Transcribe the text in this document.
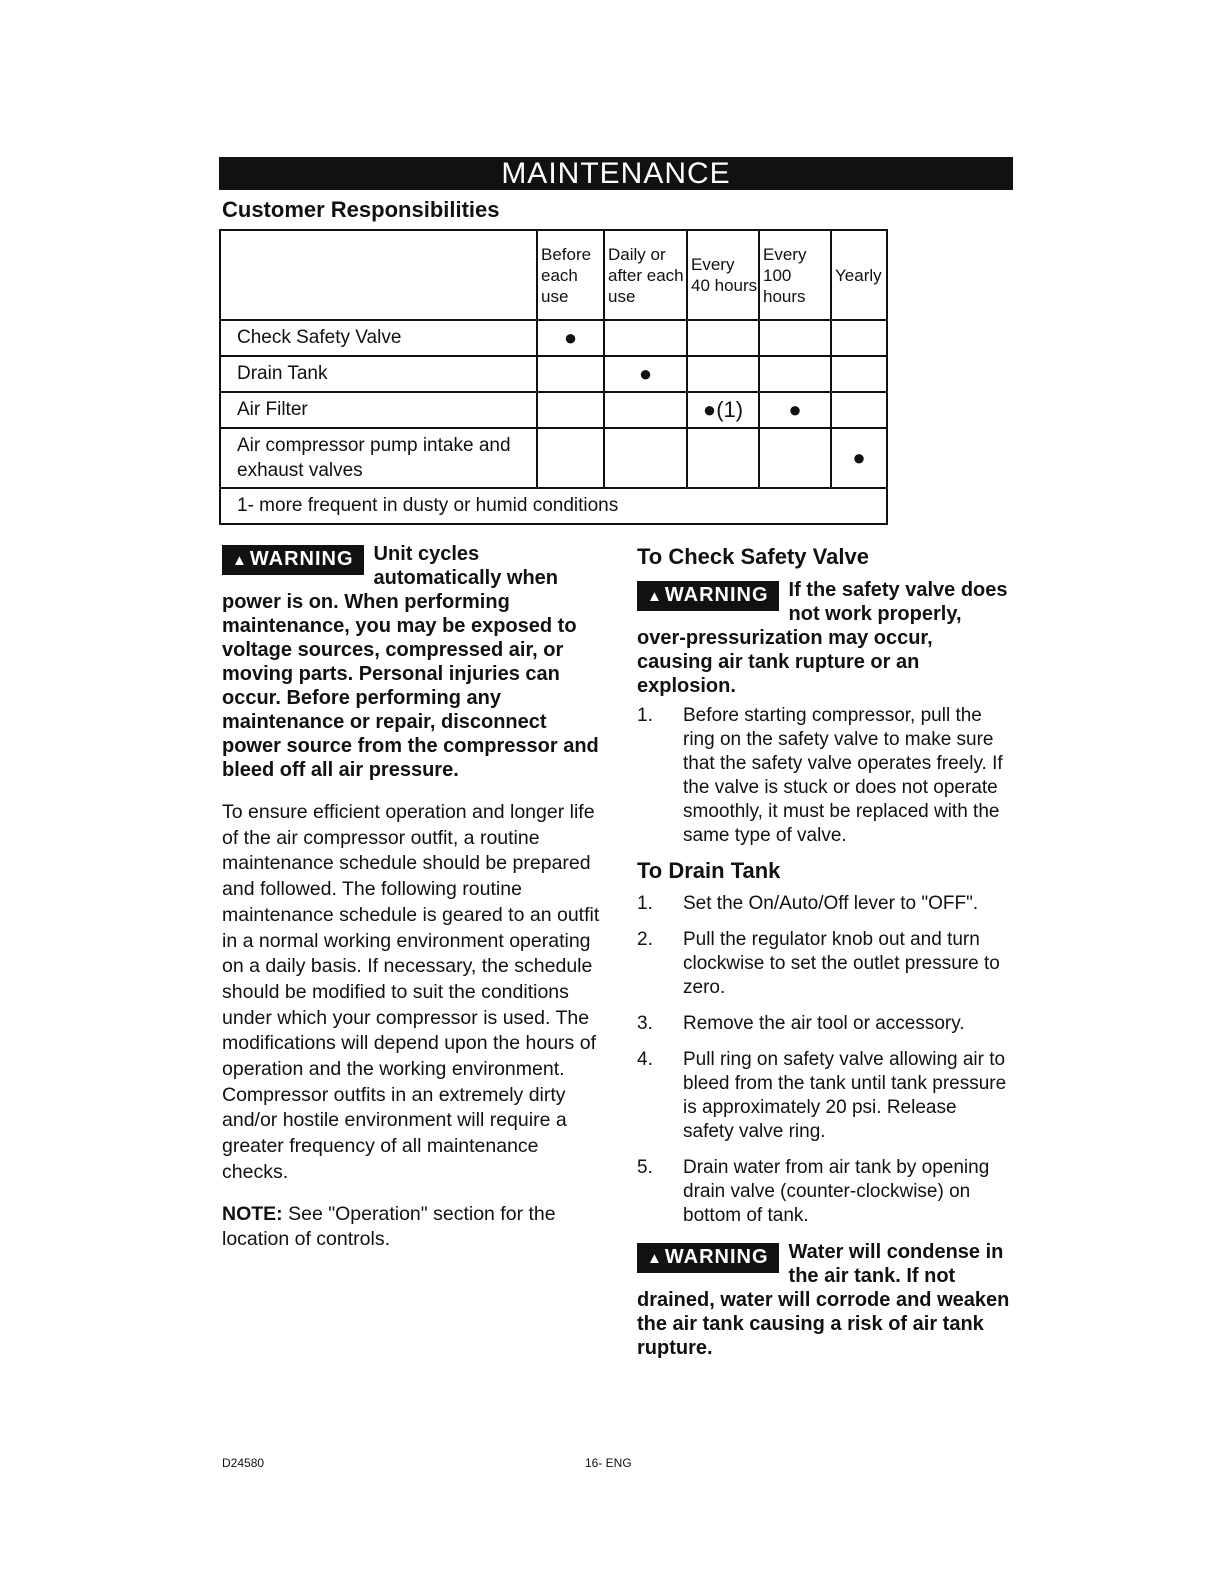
MAINTENANCE
Customer Responsibilities
	Before each use	Daily or after each use	Every 40 hours	Every 100 hours	Yearly
Check Safety Valve	●				
Drain Tank		●			
Air Filter			●(1)	●	
Air compressor pump intake and exhaust valves					●
1- more frequent in dusty or humid conditions					
▲ WARNING	Unit cycles automatically when power is on. When performing maintenance, you may be exposed to voltage sources, compressed air, or moving parts. Personal injuries can occur. Before performing any maintenance or repair, disconnect power source from the compressor and bleed off all air pressure.
To ensure efficient operation and longer life of the air compressor outfit, a routine maintenance schedule should be prepared and followed. The following routine maintenance schedule is geared to an outfit in a normal working environment operating on a daily basis. If necessary, the schedule should be modified to suit the conditions under which your compressor is used. The modifications will depend upon the hours of operation and the working environment. Compressor outfits in an extremely dirty and/or hostile environment will require a greater frequency of all maintenance checks.
NOTE: See "Operation" section for the location of controls.
To Check Safety Valve
▲ WARNING	If the safety valve does not work properly, over-pressurization may occur, causing air tank rupture or an explosion.
1. Before starting compressor, pull the ring on the safety valve to make sure that the safety valve operates freely. If the valve is stuck or does not operate smoothly, it must be replaced with the same type of valve.
To Drain Tank
1. Set the On/Auto/Off lever to "OFF".
2. Pull the regulator knob out and turn clockwise to set the outlet pressure to zero.
3. Remove the air tool or accessory.
4. Pull ring on safety valve allowing air to bleed from the tank until tank pressure is approximately 20 psi. Release safety valve ring.
5. Drain water from air tank by opening drain valve (counter-clockwise) on bottom of tank.
▲ WARNING	Water will condense in the air tank. If not drained, water will corrode and weaken the air tank causing a risk of air tank rupture.
D24580	16- ENG
